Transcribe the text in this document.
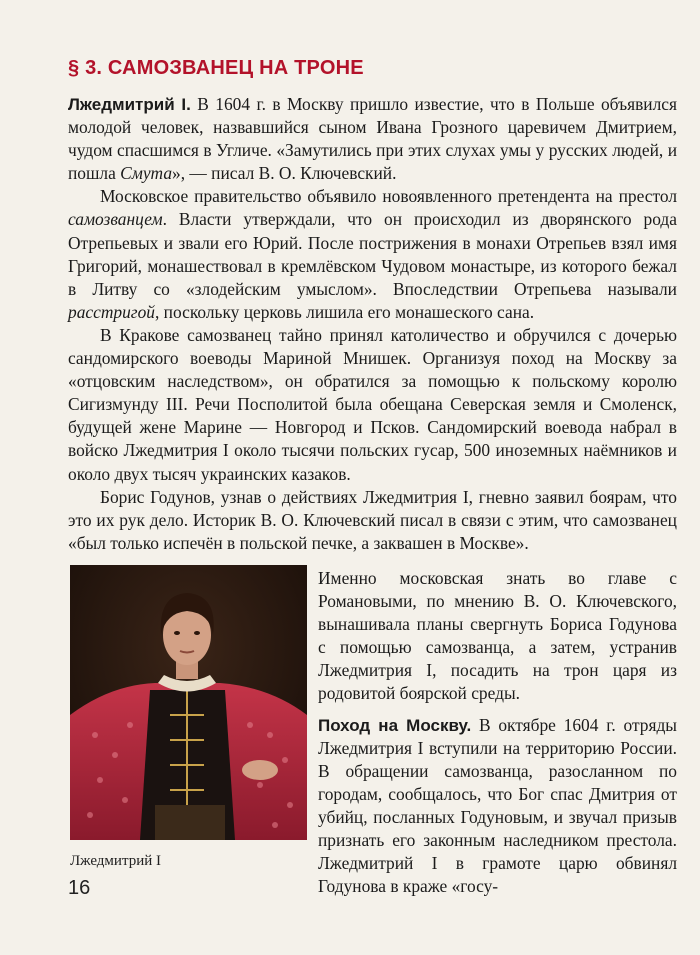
§ 3. САМОЗВАНЕЦ НА ТРОНЕ

Лжедмитрий I. В 1604 г. в Москву пришло известие, что в Польше объявился молодой человек, назвавшийся сыном Ивана Грозного царевичем Дмитрием, чудом спасшимся в Угличе. «Замутились при этих слухах умы у русских людей, и пошла Смута», — писал В. О. Ключевский.

Московское правительство объявило новоявленного претендента на престол самозванцем. Власти утверждали, что он происходил из дворянского рода Отрепьевых и звали его Юрий. После пострижения в монахи Отрепьев взял имя Григорий, монашествовал в кремлёвском Чудовом монастыре, из которого бежал в Литву со «злодейским умыслом». Впоследствии Отрепьева называли расстригой, поскольку церковь лишила его монашеского сана.

В Кракове самозванец тайно принял католичество и обручился с дочерью сандомирского воеводы Мариной Мнишек. Организуя поход на Москву за «отцовским наследством», он обратился за помощью к польскому королю Сигизмунду III. Речи Посполитой была обещана Северская земля и Смоленск, будущей жене Марине — Новгород и Псков. Сандомирский воевода набрал в войско Лжедмитрия I около тысячи польских гусар, 500 иноземных наёмников и около двух тысяч украинских казаков.

Борис Годунов, узнав о действиях Лжедмитрия I, гневно заявил боярам, что это их рук дело. Историк В. О. Ключевский писал в связи с этим, что самозванец «был только испечён в польской печке, а заквашен в Москве».

Лжедмитрий I

Именно московская знать во главе с Романовыми, по мнению В. О. Ключевского, вынашивала планы свергнуть Бориса Годунова с помощью самозванца, а затем, устранив Лжедмитрия I, посадить на трон царя из родовитой боярской среды.

Поход на Москву. В октябре 1604 г. отряды Лжедмитрия I вступили на территорию России. В обращении самозванца, разосланном по городам, сообщалось, что Бог спас Дмитрия от убийц, посланных Годуновым, и звучал призыв признать его законным наследником престола. Лжедмитрий I в грамоте царю обвинял Годунова в краже «госу-

16
